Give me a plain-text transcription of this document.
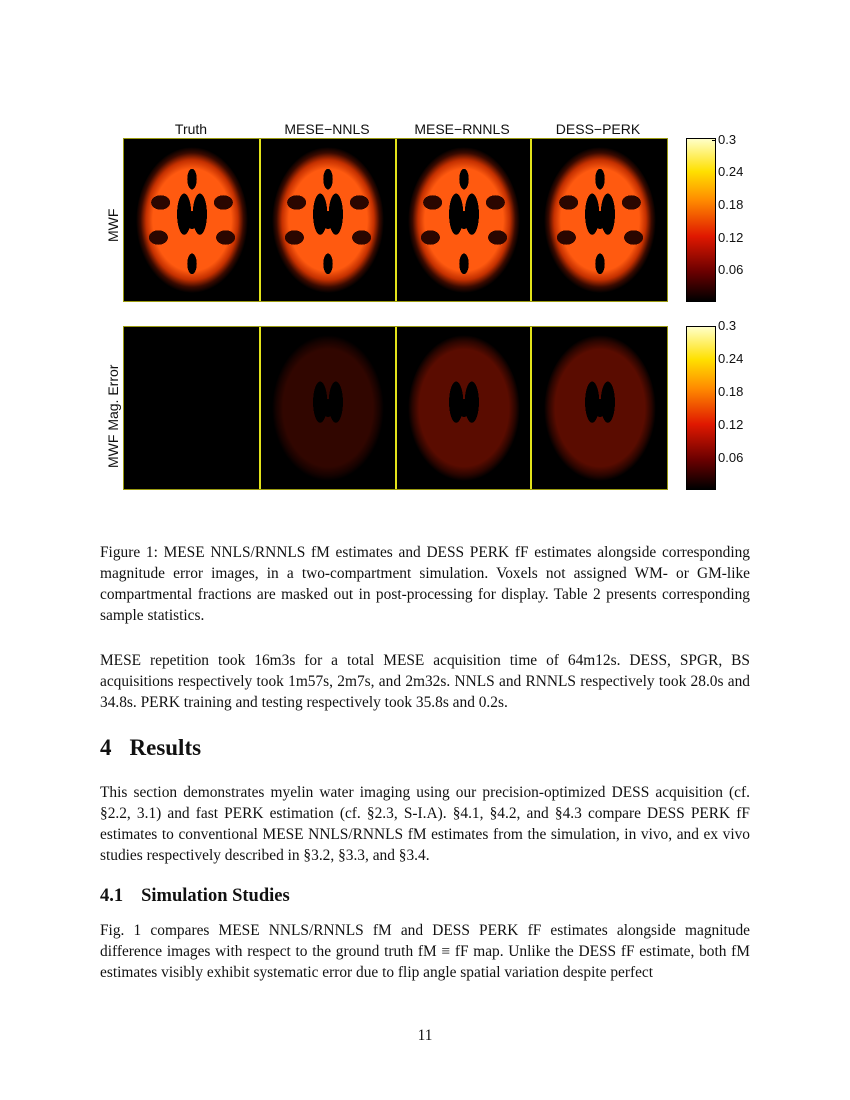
Truth	MESE−NNLS	MESE−RNNLS	DESS−PERK
MWF
MWF Mag. Error
0.3
0.24
0.18
0.12
0.06
0.3
0.24
0.18
0.12
0.06
Figure 1: MESE NNLS/RNNLS fM estimates and DESS PERK fF estimates alongside corresponding magnitude error images, in a two-compartment simulation. Voxels not assigned WM- or GM-like compartmental fractions are masked out in post-processing for display. Table 2 presents corresponding sample statistics.
MESE repetition took 16m3s for a total MESE acquisition time of 64m12s. DESS, SPGR, BS acquisitions respectively took 1m57s, 2m7s, and 2m32s. NNLS and RNNLS respectively took 28.0s and 34.8s. PERK training and testing respectively took 35.8s and 0.2s.
4 Results
This section demonstrates myelin water imaging using our precision-optimized DESS acquisition (cf. §2.2, 3.1) and fast PERK estimation (cf. §2.3, S-I.A). §4.1, §4.2, and §4.3 compare DESS PERK fF estimates to conventional MESE NNLS/RNNLS fM estimates from the simulation, in vivo, and ex vivo studies respectively described in §3.2, §3.3, and §3.4.
4.1 Simulation Studies
Fig. 1 compares MESE NNLS/RNNLS fM and DESS PERK fF estimates alongside magnitude difference images with respect to the ground truth fM ≡ fF map. Unlike the DESS fF estimate, both fM estimates visibly exhibit systematic error due to flip angle spatial variation despite perfect
11
